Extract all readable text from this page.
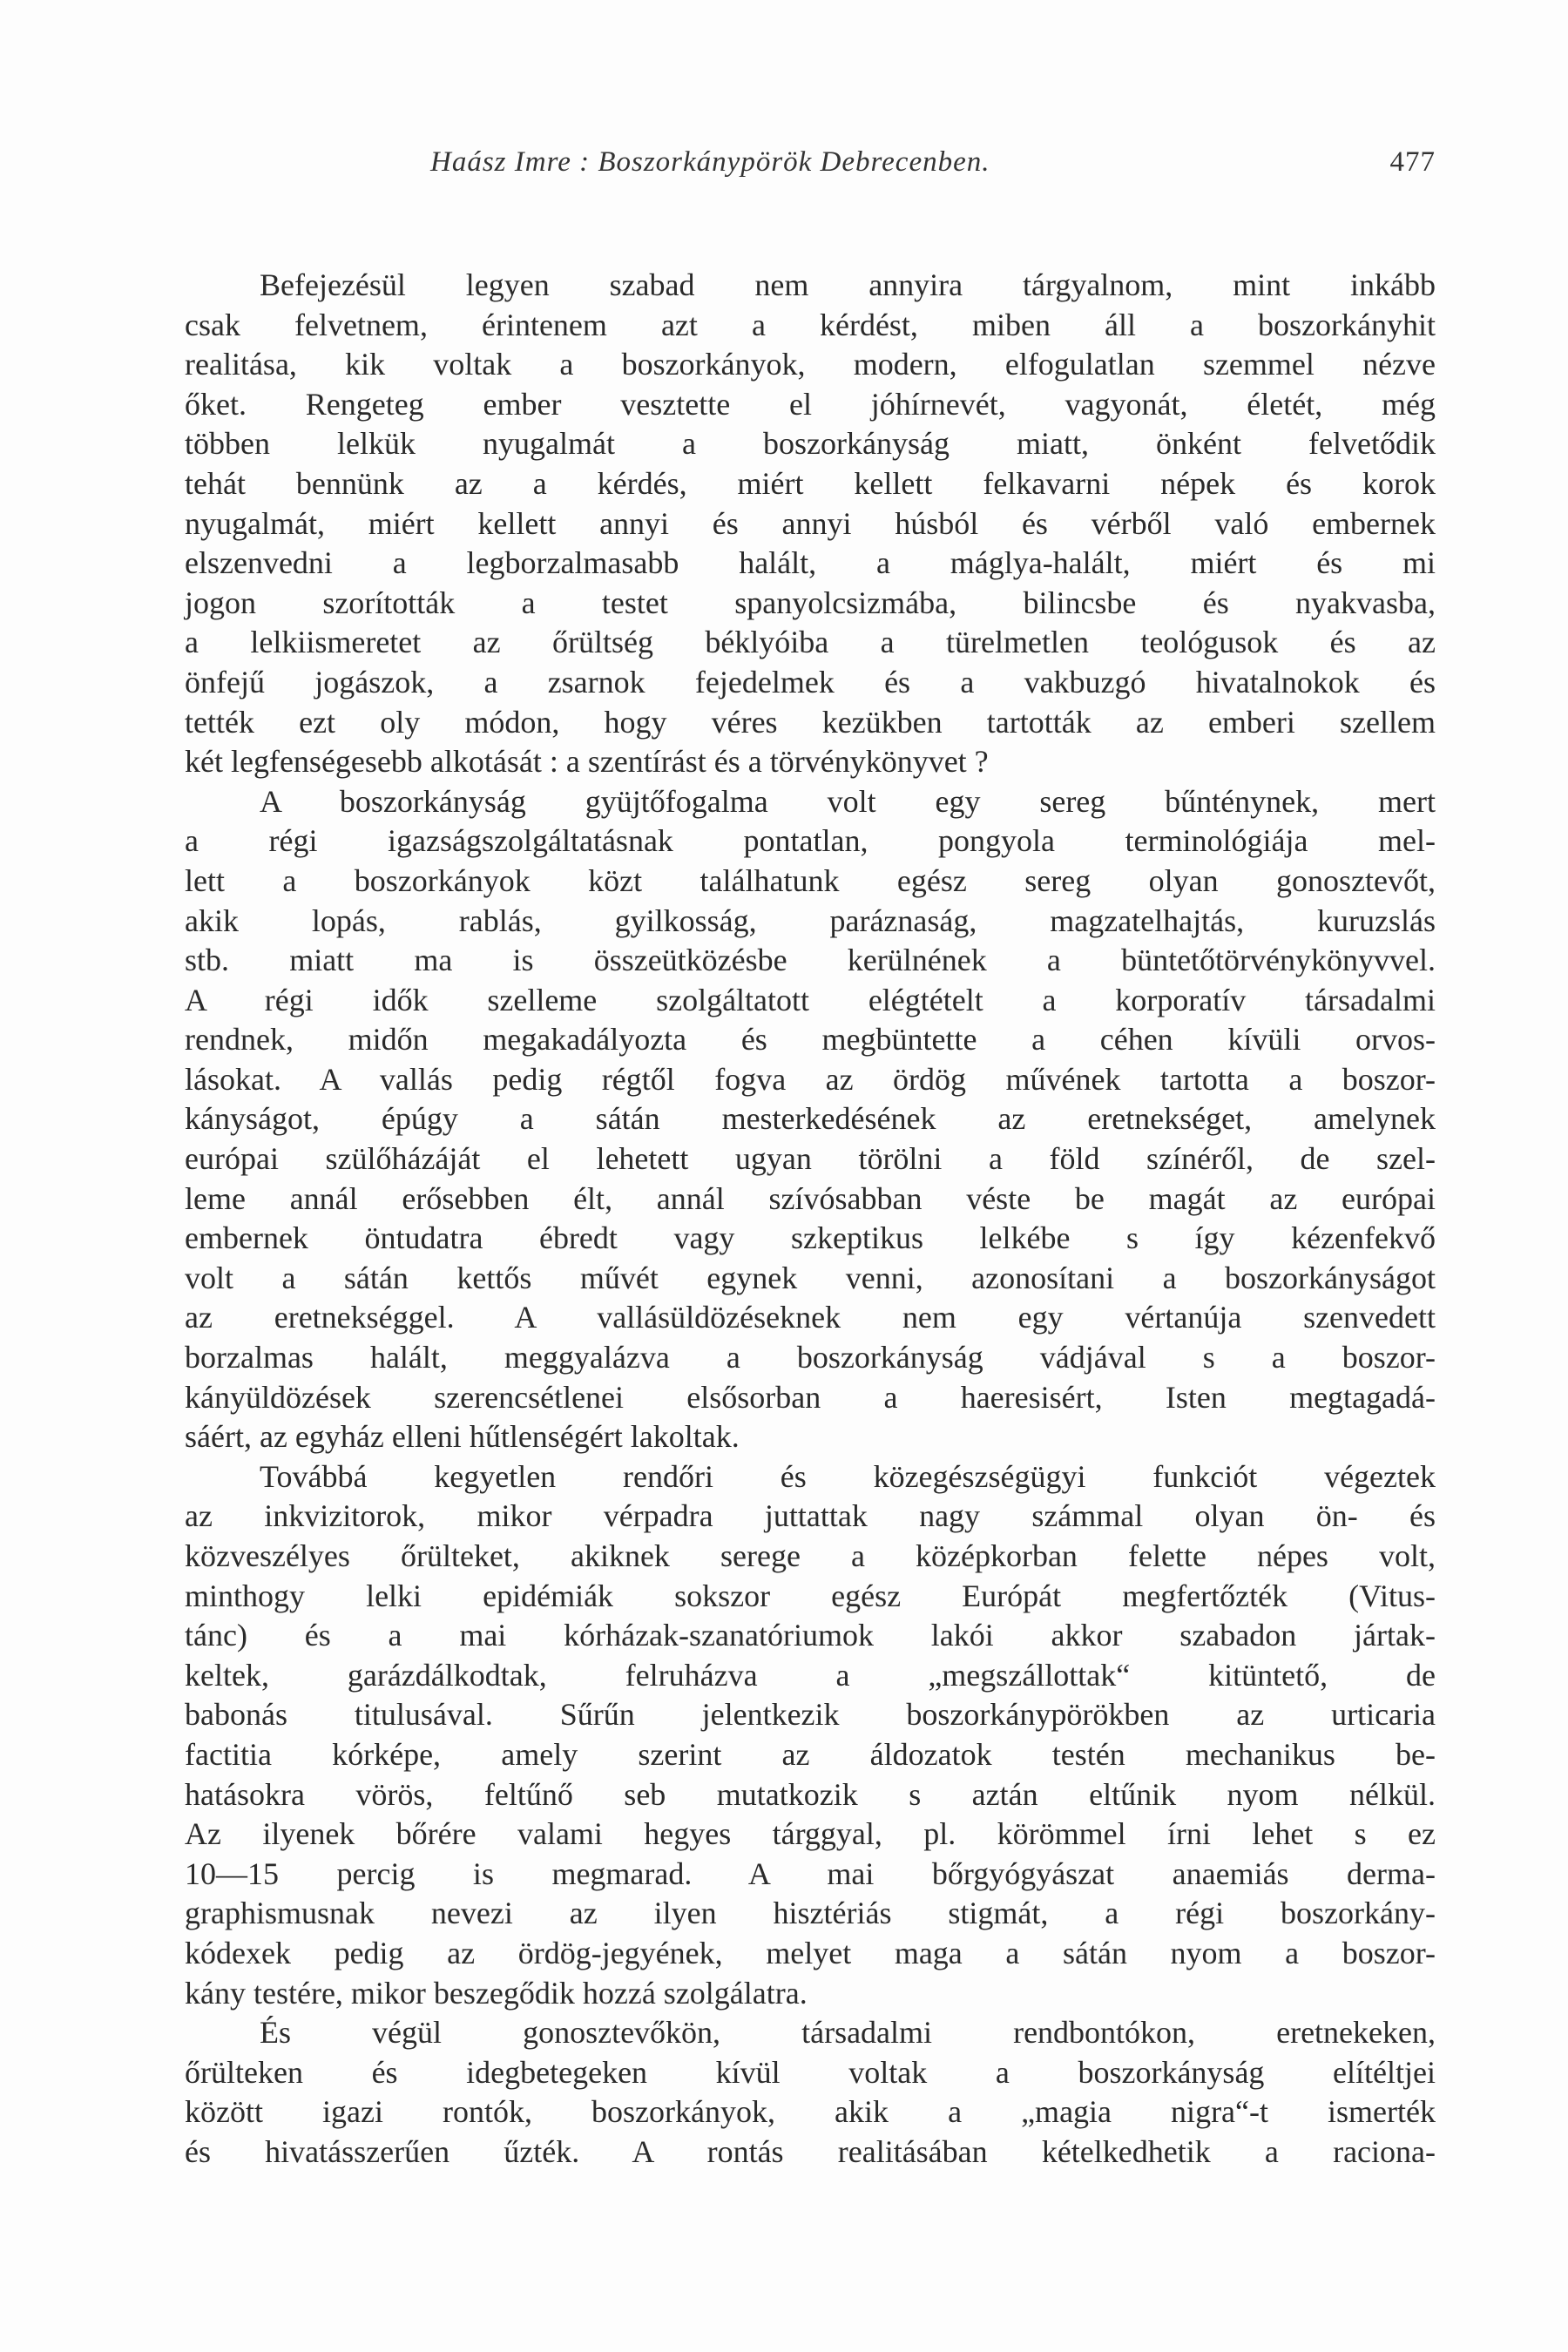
Haász Imre : Boszorkánypörök Debrecenben.	477
Befejezésül legyen szabad nem annyira tárgyalnom, mint inkább
csak felvetnem, érintenem azt a kérdést, miben áll a boszorkányhit
realitása, kik voltak a boszorkányok, modern, elfogulatlan szemmel nézve
őket. Rengeteg ember vesztette el jóhírnevét, vagyonát, életét, még
többen lelkük nyugalmát a boszorkányság miatt, önként felvetődik
tehát bennünk az a kérdés, miért kellett felkavarni népek és korok
nyugalmát, miért kellett annyi és annyi húsból és vérből való embernek
elszenvedni a legborzalmasabb halált, a máglya-halált, miért és mi
jogon szorították a testet spanyolcsizmába, bilincsbe és nyakvasba,
a lelkiismeretet az őrültség béklyóiba a türelmetlen teológusok és az
önfejű jogászok, a zsarnok fejedelmek és a vakbuzgó hivatalnokok és
tették ezt oly módon, hogy véres kezükben tartották az emberi szellem
két legfenségesebb alkotását : a szentírást és a törvénykönyvet ?
A boszorkányság gyüjtőfogalma volt egy sereg bűnténynek, mert
a régi igazságszolgáltatásnak pontatlan, pongyola terminológiája mel-
lett a boszorkányok közt találhatunk egész sereg olyan gonosztevőt,
akik lopás, rablás, gyilkosság, paráznaság, magzatelhajtás, kuruzslás
stb. miatt ma is összeütközésbe kerülnének a büntetőtörvénykönyvvel.
A régi idők szelleme szolgáltatott elégtételt a korporatív társadalmi
rendnek, midőn megakadályozta és megbüntette a céhen kívüli orvos-
lásokat. A vallás pedig régtől fogva az ördög művének tartotta a boszor-
kányságot, épúgy a sátán mesterkedésének az eretnekséget, amelynek
európai szülőházáját el lehetett ugyan törölni a föld színéről, de szel-
leme annál erősebben élt, annál szívósabban véste be magát az európai
embernek öntudatra ébredt vagy szkeptikus lelkébe s így kézenfekvő
volt a sátán kettős művét egynek venni, azonosítani a boszorkányságot
az eretnekséggel. A vallásüldözéseknek nem egy vértanúja szenvedett
borzalmas halált, meggyalázva a boszorkányság vádjával s a boszor-
kányüldözések szerencsétlenei elsősorban a haeresisért, Isten megtagadá-
sáért, az egyház elleni hűtlenségért lakoltak.
Továbbá kegyetlen rendőri és közegészségügyi funkciót végeztek
az inkvizitorok, mikor vérpadra juttattak nagy számmal olyan ön- és
közveszélyes őrülteket, akiknek serege a középkorban felette népes volt,
minthogy lelki epidémiák sokszor egész Európát megfertőzték (Vitus-
tánc) és a mai kórházak-szanatóriumok lakói akkor szabadon jártak-
keltek, garázdálkodtak, felruházva a „megszállottak“ kitüntető, de
babonás titulusával. Sűrűn jelentkezik boszorkánypörökben az urticaria
factitia kórképe, amely szerint az áldozatok testén mechanikus be-
hatásokra vörös, feltűnő seb mutatkozik s aztán eltűnik nyom nélkül.
Az ilyenek bőrére valami hegyes tárggyal, pl. körömmel írni lehet s ez
10—15 percig is megmarad. A mai bőrgyógyászat anaemiás derma-
graphismusnak nevezi az ilyen hisztériás stigmát, a régi boszorkány-
kódexek pedig az ördög-jegyének, melyet maga a sátán nyom a boszor-
kány testére, mikor beszegődik hozzá szolgálatra.
És végül gonosztevőkön, társadalmi rendbontókon, eretnekeken,
őrülteken és idegbetegeken kívül voltak a boszorkányság elítéltjei
között igazi rontók, boszorkányok, akik a „magia nigra“-t ismerték
és hivatásszerűen űzték. A rontás realitásában kételkedhetik a raciona-
